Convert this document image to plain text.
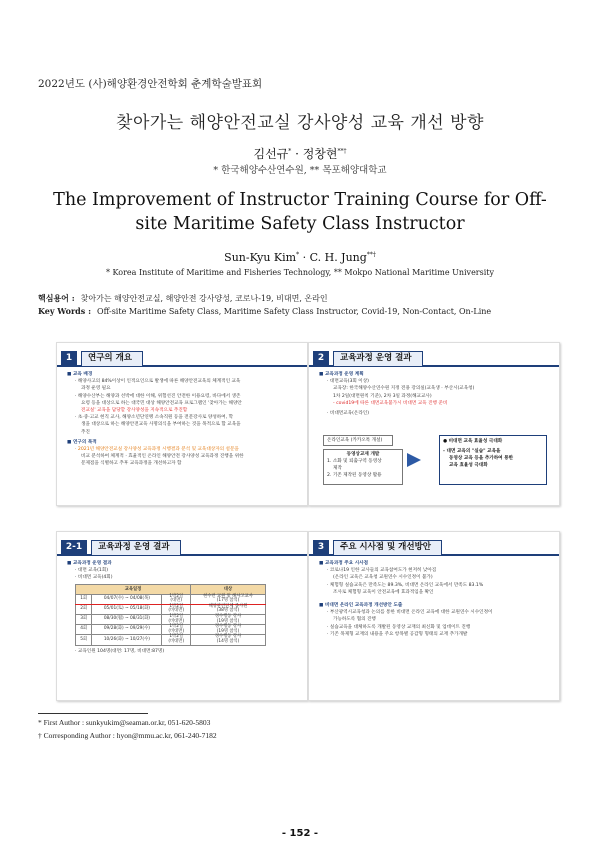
2022년도 (사)해양환경안전학회 춘계학술발표회
찾아가는 해양안전교실 강사양성 교육 개선 방향
김선규* · 정창현**†
* 한국해양수산연수원, ** 목포해양대학교
The Improvement of Instructor Training Course for Off-site Maritime Safety Class Instructor
Sun-Kyu Kim* · C. H. Jung**†
* Korea Institute of Maritime and Fisheries Technology, ** Mokpo National Maritime University
핵심용어 : 찾아가는 해양안전교실, 해양안전 강사양성, 코로나-19, 비대면, 온라인
Key Words : Off-site Maritime Safety Class, Maritime Safety Class Instructor, Covid-19, Non-Contact, On-Line
1	연구의 개요
■ 교육 배경
· 해양사고의 84%이상이 인적요인으로 발생에 따른 해양안전교육의 체계적인 교육
과정 운영 필요
· 해양수산부는 해양과 선박에 대한 이해, 위험선진 안전한 이용요령, 바다에서 생존
요령 등을 대상으로 하는 대국민 대상 해양안전교육 프로그램인 '찾아가는 해양안
전교실' 교육을 담당할 강사양성을 지속적으로 추진함
· 초·중·고교 현직 교사, 해양소년단연맹 소속직원 등을 전문강사로 양성하여, 학
생을 대상으로 하는 해양안전교육 사명의식을 부여하는 것을 목적으로 함 교육을
추진
■ 연구의 목적
· 2021년 해양안전교실 강사양성 교육과정 시행결과 분석 및 교육대상자의 설문을
비교 분석하여 체계적 · 효율적인 온라인 해양안전 강사양성 교육과정 진행을 위한
문제점을 식별하고 추후 교육과정을 개선하고자 함
2	교육과정 운영 결과
■ 교육과정 운영 계획
· 대면교육(3회 이상)
교육장: 한국해양수산연수원 지정 전용 강의실(교육생 · 부산시(교육청)
1차 2일(대면원칙 기준), 2차 3일 과정(해교교사)
- covid19에 따른 대면교육불가시 비대면 교육 진행 준비
· 비대면교육(온라인)
온라인교육 (카카오톡 개설)
동영상교재 개발
1. 소화 및 퇴출구역 동영상
제작
2. 기존 제작된 동영상 활용
● 비대면 교육 효율성 극대화
- 대면 교육의 "실습" 교육을
동영상 교육 등을 추가하여 통한
교육 효율성 극대화
2-1	교육과정 운영 결과
■ 교육과정 운영 결과
· 대면 교육(1회)
· 비대면 교육(4회)
교육일정			대상
1회	04/07(수) ~ 04/08(목)	1박2일
(대면)	현수련 교원 및 해사고교사
(17명 참석)
2회	05/01(토) ~ 05/18(화)	1박2일
(비대면)	해양관련단체 종사원
(38명 참석)
3회	08/30(월) ~ 08/31(화)	1박2일
(비대면)	경수행동 강사
(19명 참석)
4회	09/28(화) ~ 09/29(수)	1박2일
(비대면)	경수행동 강사
(19명 참석)
5회	10/26(화) ~ 10/27(수)	1박2일
(비대면)	경수행동 강사
(14명 참석)
· 교육인원 104명(대면: 17명, 비대면:87명)
3	주요 시사점 및 개선방안
■ 교육과정 주요 시사점
· 코로나19 인한 교사들의 교육참여도가 현저히 낮아짐
(온라인 교육은 교육청 교원연수 시수인정이 불가)
· 체험형 실습교육은 만족도는 89.3%, 비대면 온라인 교육에서 만족도 83.1%
조사로 체험형 교육이 안전교육에 효과적임을 확인
■ 비대면 온라인 교육과정 개선방안 도출
· 부산광역시교육청과 논의를 통한 비대면 온라인 교육에 대한 교원연수 시수인정이
가능하도록 협의 진행
· 실습교육을 대체하도록 개발된 동영상 교재의 최신화 및 업데이트 진행
· 기존 목제형 교재의 내용을 주요 항목별 공감형 형태의 교재 추가개발
* First Author : sunkyukim@seaman.or.kr, 051-620-5803
† Corresponding Author : hyon@mmu.ac.kr, 061-240-7182
- 152 -
